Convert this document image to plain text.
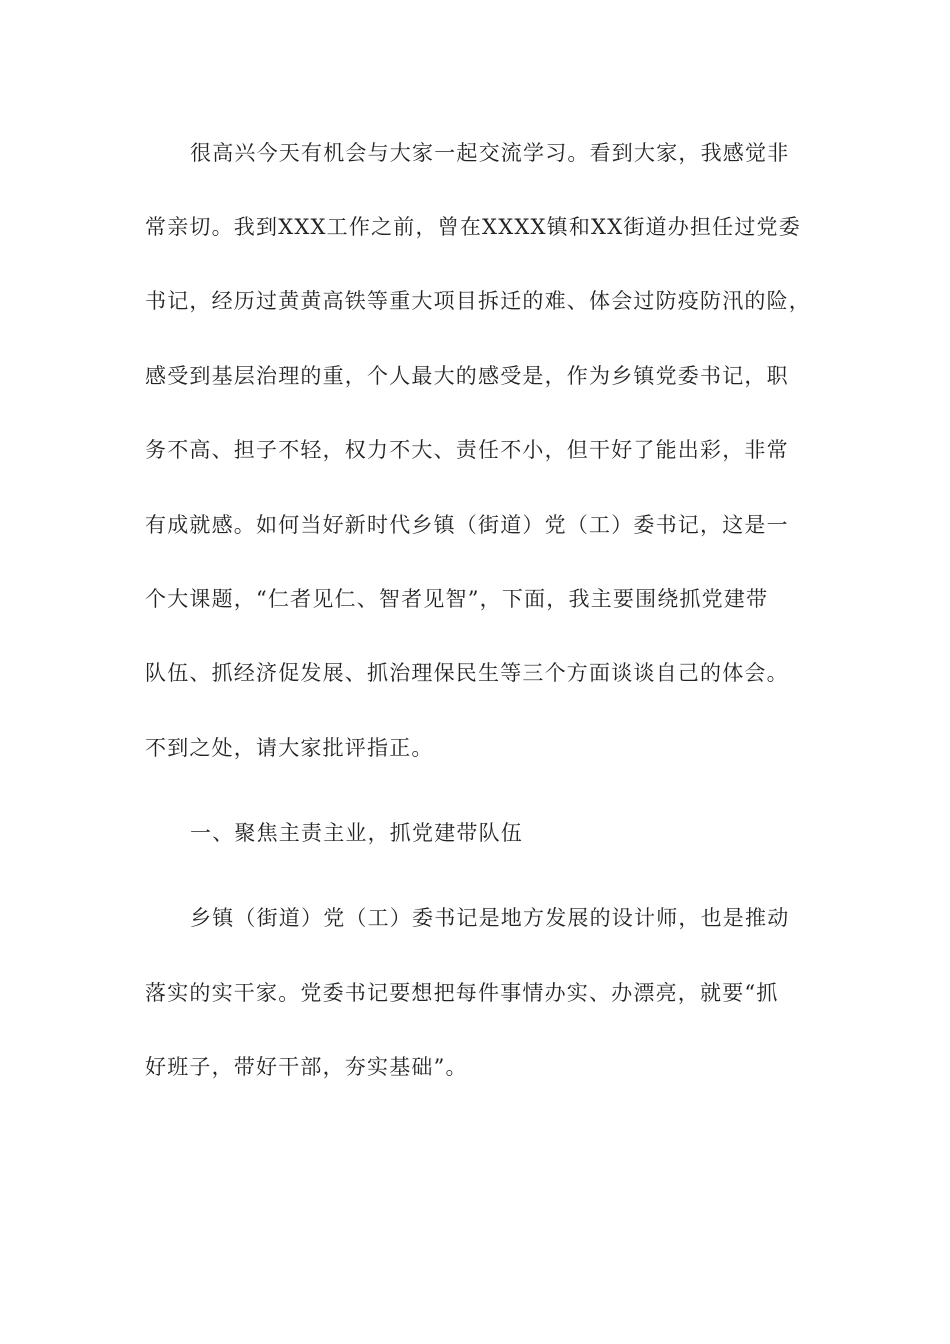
很高兴今天有机会与大家一起交流学习。看到大家，我感觉非
常亲切。我到XXX工作之前，曾在XXXX镇和XX街道办担任过党委
书记，经历过黄黄高铁等重大项目拆迁的难、体会过防疫防汛的险，
感受到基层治理的重，个人最大的感受是，作为乡镇党委书记，职
务不高、担子不轻，权力不大、责任不小，但干好了能出彩，非常
有成就感。如何当好新时代乡镇（街道）党（工）委书记，这是一
个大课题，“仁者见仁、智者见智”，下面，我主要围绕抓党建带
队伍、抓经济促发展、抓治理保民生等三个方面谈谈自己的体会。
不到之处，请大家批评指正。
一、聚焦主责主业，抓党建带队伍
乡镇（街道）党（工）委书记是地方发展的设计师，也是推动
落实的实干家。党委书记要想把每件事情办实、办漂亮，就要“抓
好班子，带好干部，夯实基础”。
